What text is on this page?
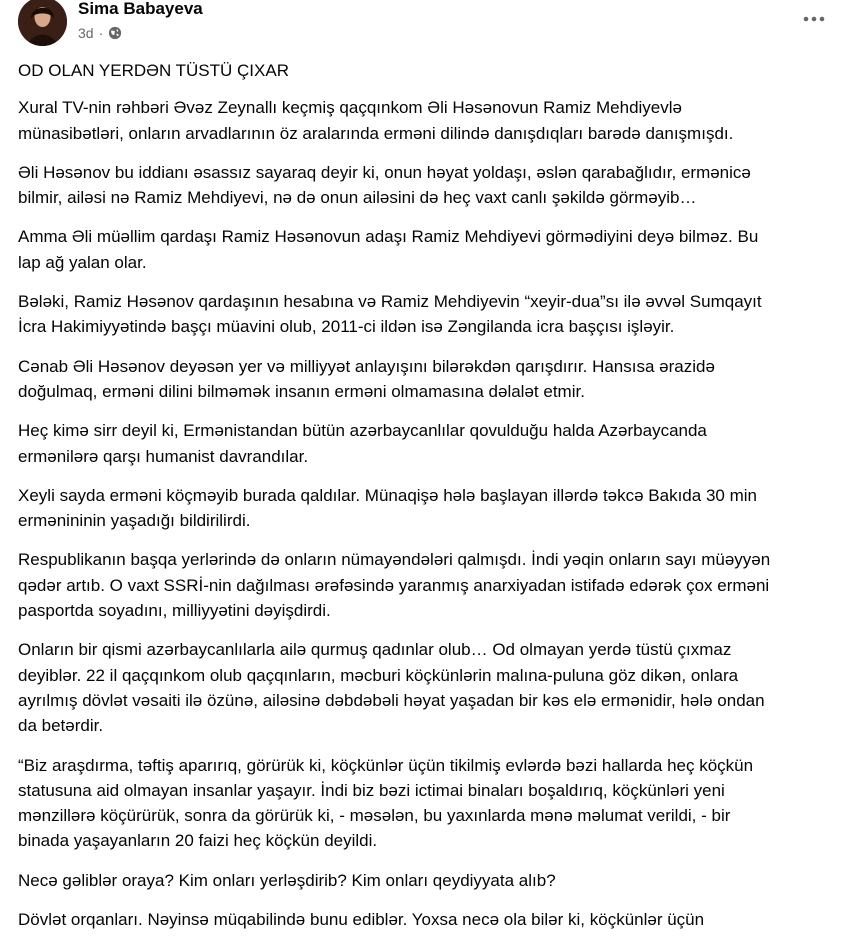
Sima Babayeva
3d ·

OD OLAN YERDƏN TÜSTÜ ÇIXAR

Xural TV-nin rəhbəri Əvəz Zeynallı keçmiş qaçqınkom Əli Həsənovun Ramiz Mehdiyevlə
münasibətləri, onların arvadlarının öz aralarında erməni dilində danışdıqları barədə danışmışdı.

Əli Həsənov bu iddianı əsassız sayaraq deyir ki, onun həyat yoldaşı, əslən qarabağlıdır, ermənicə
bilmir, ailəsi nə Ramiz Mehdiyevi, nə də onun ailəsini də heç vaxt canlı şəkildə görməyib…

Amma Əli müəllim qardaşı Ramiz Həsənovun adaşı Ramiz Mehdiyevi görmədiyini deyə bilməz. Bu
lap ağ yalan olar.

Bələki, Ramiz Həsənov qardaşının hesabına və Ramiz Mehdiyevin “xeyir-dua”sı ilə əvvəl Sumqayıt
İcra Hakimiyyətində başçı müavini olub, 2011-ci ildən isə Zəngilanda icra başçısı işləyir.

Cənab Əli Həsənov deyəsən yer və milliyyət anlayışını bilərəkdən qarışdırır. Hansısa ərazidə
doğulmaq, erməni dilini bilməmək insanın erməni olmamasına dəlalət etmir.

Heç kimə sirr deyil ki, Ermənistandan bütün azərbaycanlılar qovulduğu halda Azərbaycanda
ermənilərə qarşı humanist davrandılar.

Xeyli sayda erməni köçməyib burada qaldılar. Münaqişə hələ başlayan illərdə təkcə Bakıda 30 min
ermənininin yaşadığı bildirilirdi.

Respublikanın başqa yerlərində də onların nümayəndələri qalmışdı. İndi yəqin onların sayı müəyyən
qədər artıb. O vaxt SSRİ-nin dağılması ərəfəsində yaranmış anarxiyadan istifadə edərək çox erməni
pasportda soyadını, milliyyətini dəyişdirdi.

Onların bir qismi azərbaycanlılarla ailə qurmuş qadınlar olub… Od olmayan yerdə tüstü çıxmaz
deyiblər. 22 il qaçqınkom olub qaçqınların, məcburi köçkünlərin malına-puluna göz dikən, onlara
ayrılmış dövlət vəsaiti ilə özünə, ailəsinə dəbdəbəli həyat yaşadan bir kəs elə ermənidir, hələ ondan
da betərdir.

“Biz araşdırma, təftiş aparırıq, görürük ki, köçkünlər üçün tikilmiş evlərdə bəzi hallarda heç köçkün
statusuna aid olmayan insanlar yaşayır. İndi biz bəzi ictimai binaları boşaldırıq, köçkünləri yeni
mənzillərə köçürürük, sonra da görürük ki, - məsələn, bu yaxınlarda mənə məlumat verildi, - bir
binada yaşayanların 20 faizi heç köçkün deyildi.

Necə gəliblər oraya? Kim onları yerləşdirib? Kim onları qeydiyyata alıb?

Dövlət orqanları. Nəyinsə müqabilində bunu ediblər. Yoxsa necə ola bilər ki, köçkünlər üçün
